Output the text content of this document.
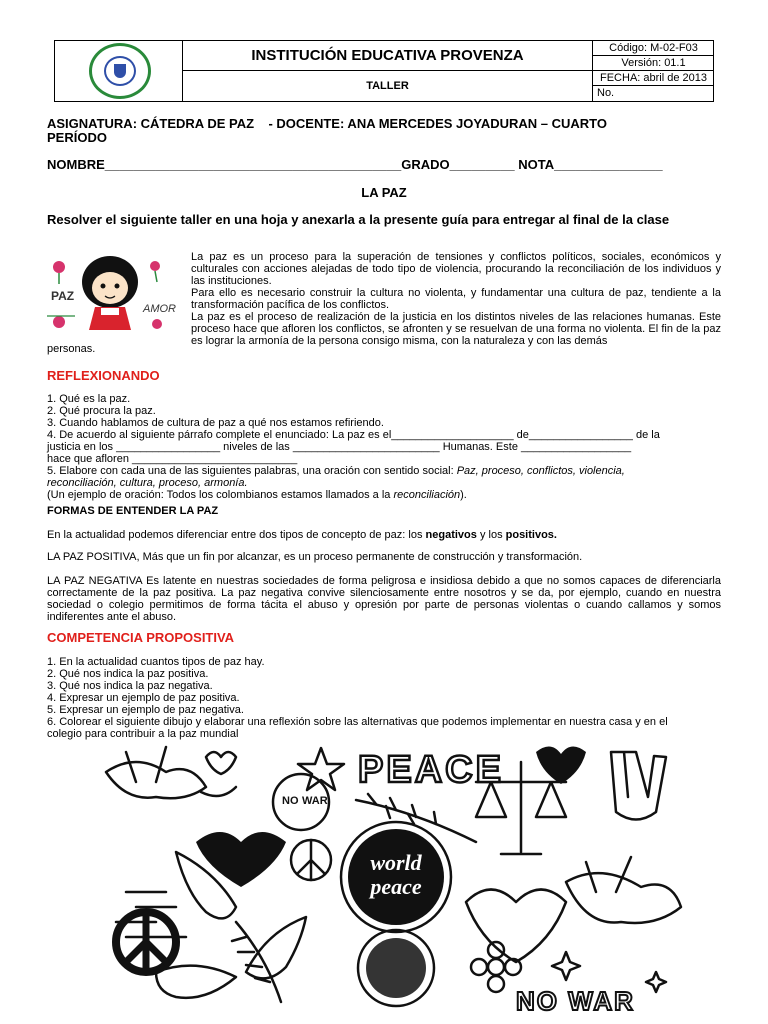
INSTITUCIÓN EDUCATIVA PROVENZA
TALLER
Código: M-02-F03
Versión: 01.1
FECHA: abril de 2013
No.
ASIGNATURA: CÁTEDRA DE PAZ    - DOCENTE: ANA MERCEDES JOYADURAN – CUARTO
PERÍODO
NOMBRE_________________________________________GRADO_________ NOTA_______________
LA PAZ
Resolver el siguiente taller en una hoja y anexarla a la presente guía para entregar al final de la clase
PAZ
AMOR

La paz es un proceso para la superación de tensiones y conflictos políticos, sociales, económicos y culturales con acciones alejadas de todo tipo de violencia, procurando la reconciliación de los individuos y las instituciones.

Para ello es necesario construir la cultura no violenta, y fundamentar una cultura de paz, tendiente a la transformación pacífica de los conflictos.

La paz es el proceso de realización de la justicia en los distintos niveles de las relaciones humanas. Este proceso hace que afloren los conflictos, se afronten y se resuelvan de una forma no violenta. El fin de la paz es lograr la armonía de la persona consigo misma, con la naturaleza y con las demás

personas.
REFLEXIONANDO
1. Qué es la paz.
2. Qué procura la paz.
3. Cuando hablamos de cultura de paz a qué nos estamos refiriendo.
4. De acuerdo al siguiente párrafo complete el enunciado: La paz es el____________________ de_________________ de la
justicia en los _________________ niveles de las ________________________ Humanas. Este __________________
hace que afloren ___________________________
5. Elabore con cada una de las siguientes palabras, una oración con sentido social: Paz, proceso, conflictos, violencia,
reconciliación, cultura, proceso, armonía.
(Un ejemplo de oración: Todos los colombianos estamos llamados a la reconciliación).
FORMAS DE ENTENDER LA PAZ
En la actualidad podemos diferenciar entre dos tipos de concepto de paz: los negativos y los positivos.
LA PAZ POSITIVA, Más que un fin por alcanzar, es un proceso permanente de construcción y transformación.
LA PAZ NEGATIVA Es latente en nuestras sociedades de forma peligrosa e insidiosa debido a que no somos capaces de diferenciarla correctamente de la paz positiva. La paz negativa convive silenciosamente entre nosotros y se da, por ejemplo, cuando en nuestra sociedad o colegio permitimos de forma tácita el abuso y opresión por parte de personas violentas o cuando callamos y somos indiferentes ante el abuso.
COMPETENCIA PROPOSITIVA
1. En la actualidad cuantos tipos de paz hay.
2. Qué nos indica la paz positiva.
3. Qué nos indica la paz negativa.
4. Expresar un ejemplo de paz positiva.
5. Expresar un ejemplo de paz negativa.
6. Colorear el siguiente dibujo y elaborar una reflexión sobre las alternativas que podemos implementar en nuestra casa y en el
colegio para contribuir a la paz mundial
PEACE
NO WAR
world
peace
NO WAR
